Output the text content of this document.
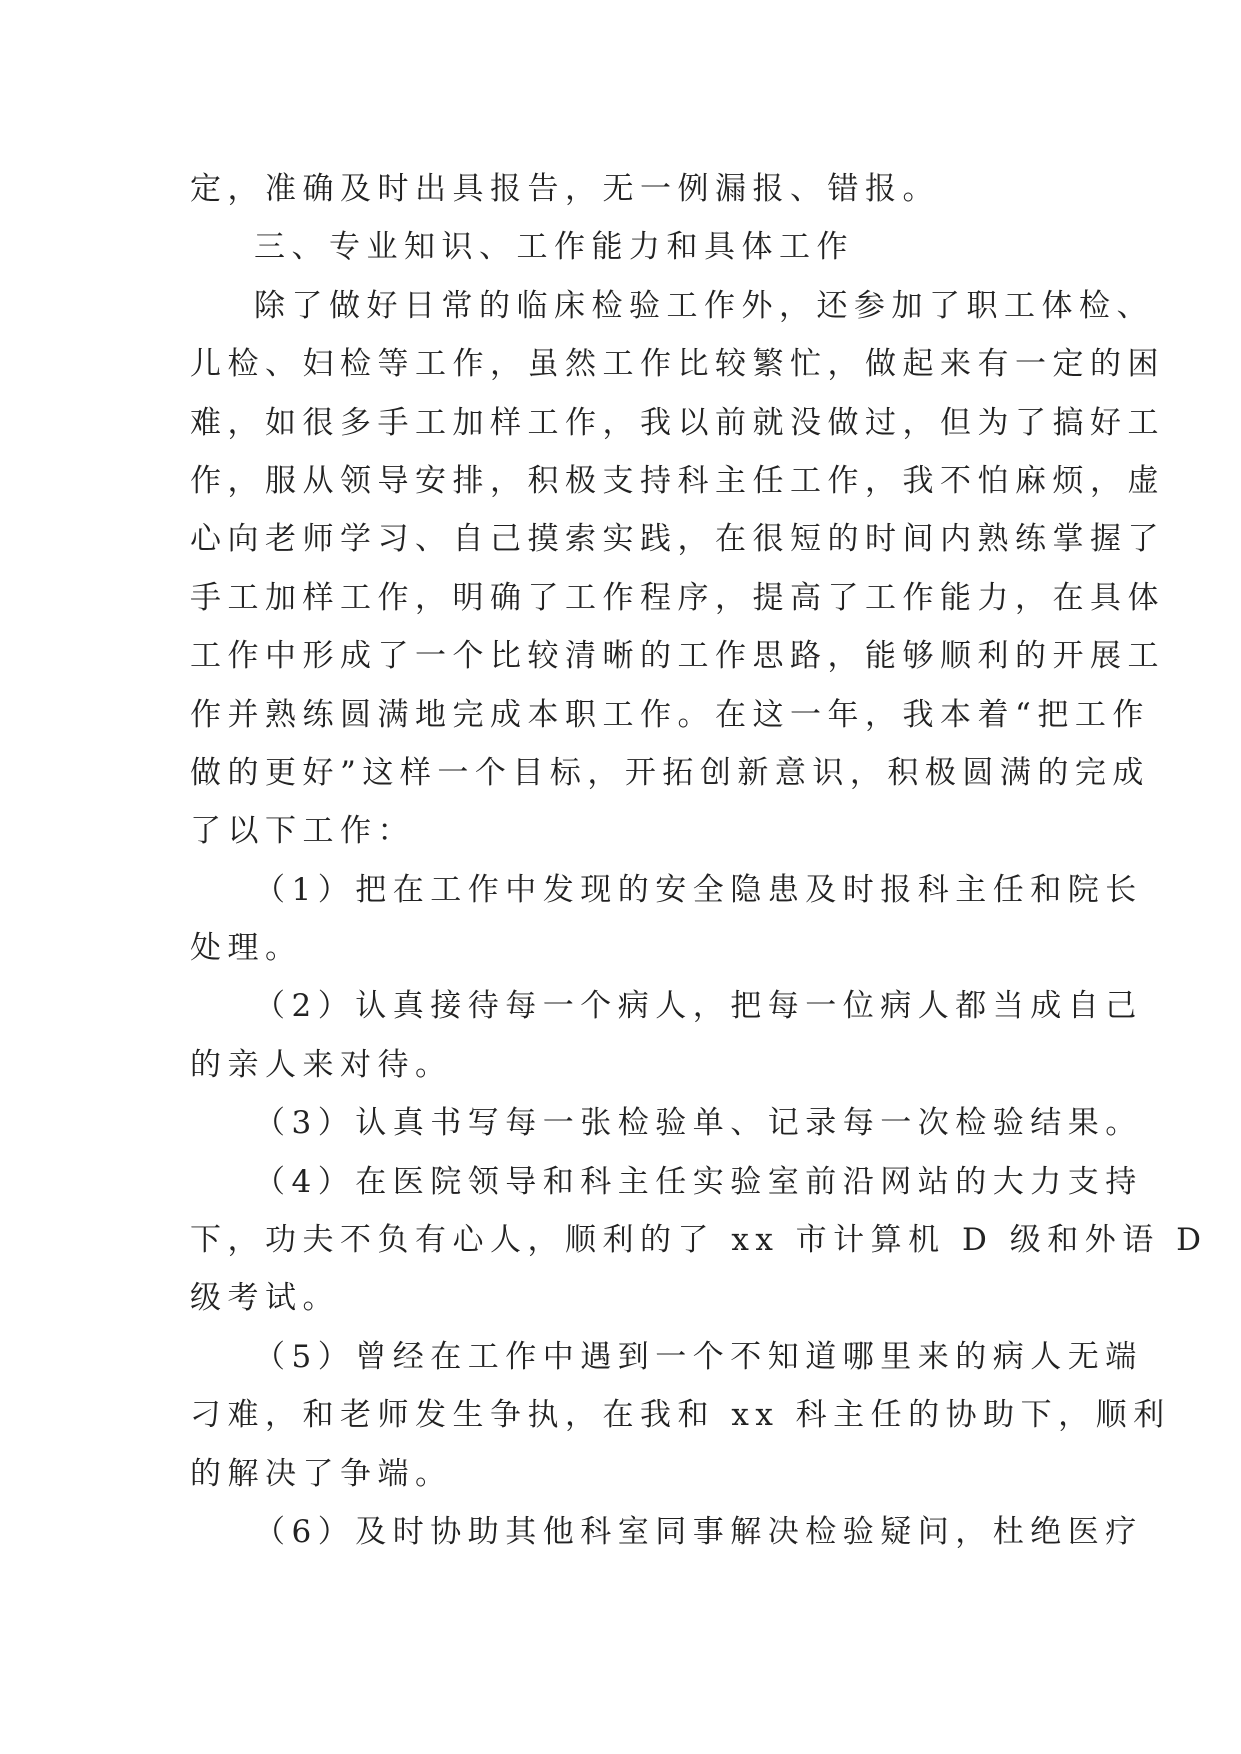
定，准确及时出具报告，无一例漏报、错报。
三、专业知识、工作能力和具体工作
除了做好日常的临床检验工作外，还参加了职工体检、
儿检、妇检等工作，虽然工作比较繁忙，做起来有一定的困
难，如很多手工加样工作，我以前就没做过，但为了搞好工
作，服从领导安排，积极支持科主任工作，我不怕麻烦，虚
心向老师学习、自己摸索实践，在很短的时间内熟练掌握了
手工加样工作，明确了工作程序，提高了工作能力，在具体
工作中形成了一个比较清晰的工作思路，能够顺利的开展工
作并熟练圆满地完成本职工作。在这一年，我本着“把工作
做的更好”这样一个目标，开拓创新意识，积极圆满的完成
了以下工作：
（1）把在工作中发现的安全隐患及时报科主任和院长
处理。
（2）认真接待每一个病人，把每一位病人都当成自己
的亲人来对待。
（3）认真书写每一张检验单、记录每一次检验结果。
（4）在医院领导和科主任实验室前沿网站的大力支持
下，功夫不负有心人，顺利的了 xx 市计算机 D 级和外语 D
级考试。
（5）曾经在工作中遇到一个不知道哪里来的病人无端
刁难，和老师发生争执，在我和 xx 科主任的协助下，顺利
的解决了争端。
（6）及时协助其他科室同事解决检验疑问，杜绝医疗
